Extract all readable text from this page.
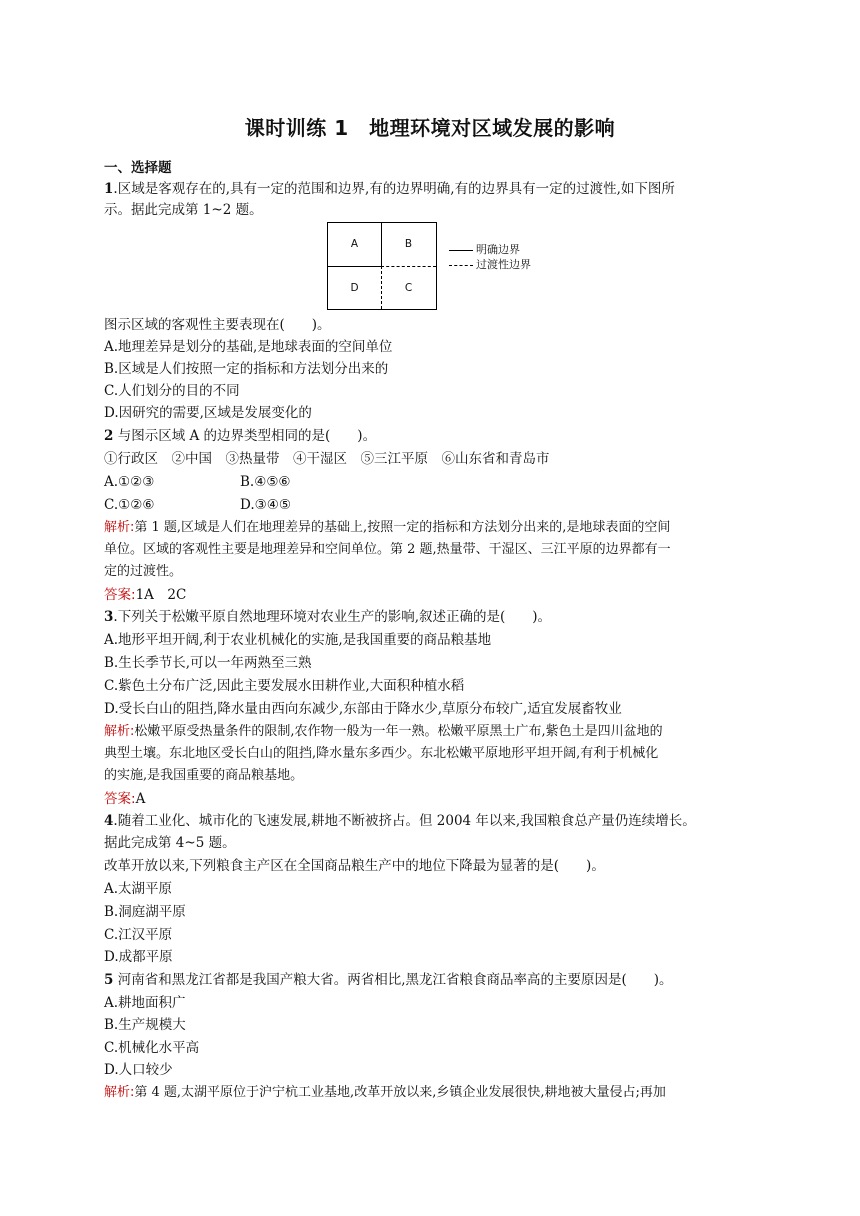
课时训练 1　地理环境对区域发展的影响
一、选择题
1.区域是客观存在的,具有一定的范围和边界,有的边界明确,有的边界具有一定的过渡性,如下图所
示。据此完成第 1~2 题。
A	B
D	C
明确边界
过渡性边界
图示区域的客观性主要表现在(　　)。
A.地理差异是划分的基础,是地球表面的空间单位
B.区域是人们按照一定的指标和方法划分出来的
C.人们划分的目的不同
D.因研究的需要,区域是发展变化的
2 与图示区域 A 的边界类型相同的是(　　)。
①行政区　②中国　③热量带　④干湿区　⑤三江平原　⑥山东省和青岛市
A.①②③	B.④⑤⑥
C.①②⑥	D.③④⑤
解析:第 1 题,区域是人们在地理差异的基础上,按照一定的指标和方法划分出来的,是地球表面的空间
单位。区域的客观性主要是地理差异和空间单位。第 2 题,热量带、干湿区、三江平原的边界都有一
定的过渡性。
答案:1A　2C
3.下列关于松嫩平原自然地理环境对农业生产的影响,叙述正确的是(　　)。
A.地形平坦开阔,利于农业机械化的实施,是我国重要的商品粮基地
B.生长季节长,可以一年两熟至三熟
C.紫色土分布广泛,因此主要发展水田耕作业,大面积种植水稻
D.受长白山的阻挡,降水量由西向东减少,东部由于降水少,草原分布较广,适宜发展畜牧业
解析:松嫩平原受热量条件的限制,农作物一般为一年一熟。松嫩平原黑土广布,紫色土是四川盆地的
典型土壤。东北地区受长白山的阻挡,降水量东多西少。东北松嫩平原地形平坦开阔,有利于机械化
的实施,是我国重要的商品粮基地。
答案:A
4.随着工业化、城市化的飞速发展,耕地不断被挤占。但 2004 年以来,我国粮食总产量仍连续增长。
据此完成第 4~5 题。
改革开放以来,下列粮食主产区在全国商品粮生产中的地位下降最为显著的是(　　)。
A.太湖平原
B.洞庭湖平原
C.江汉平原
D.成都平原
5 河南省和黑龙江省都是我国产粮大省。两省相比,黑龙江省粮食商品率高的主要原因是(　　)。
A.耕地面积广
B.生产规模大
C.机械化水平高
D.人口较少
解析:第 4 题,太湖平原位于沪宁杭工业基地,改革开放以来,乡镇企业发展很快,耕地被大量侵占;再加
